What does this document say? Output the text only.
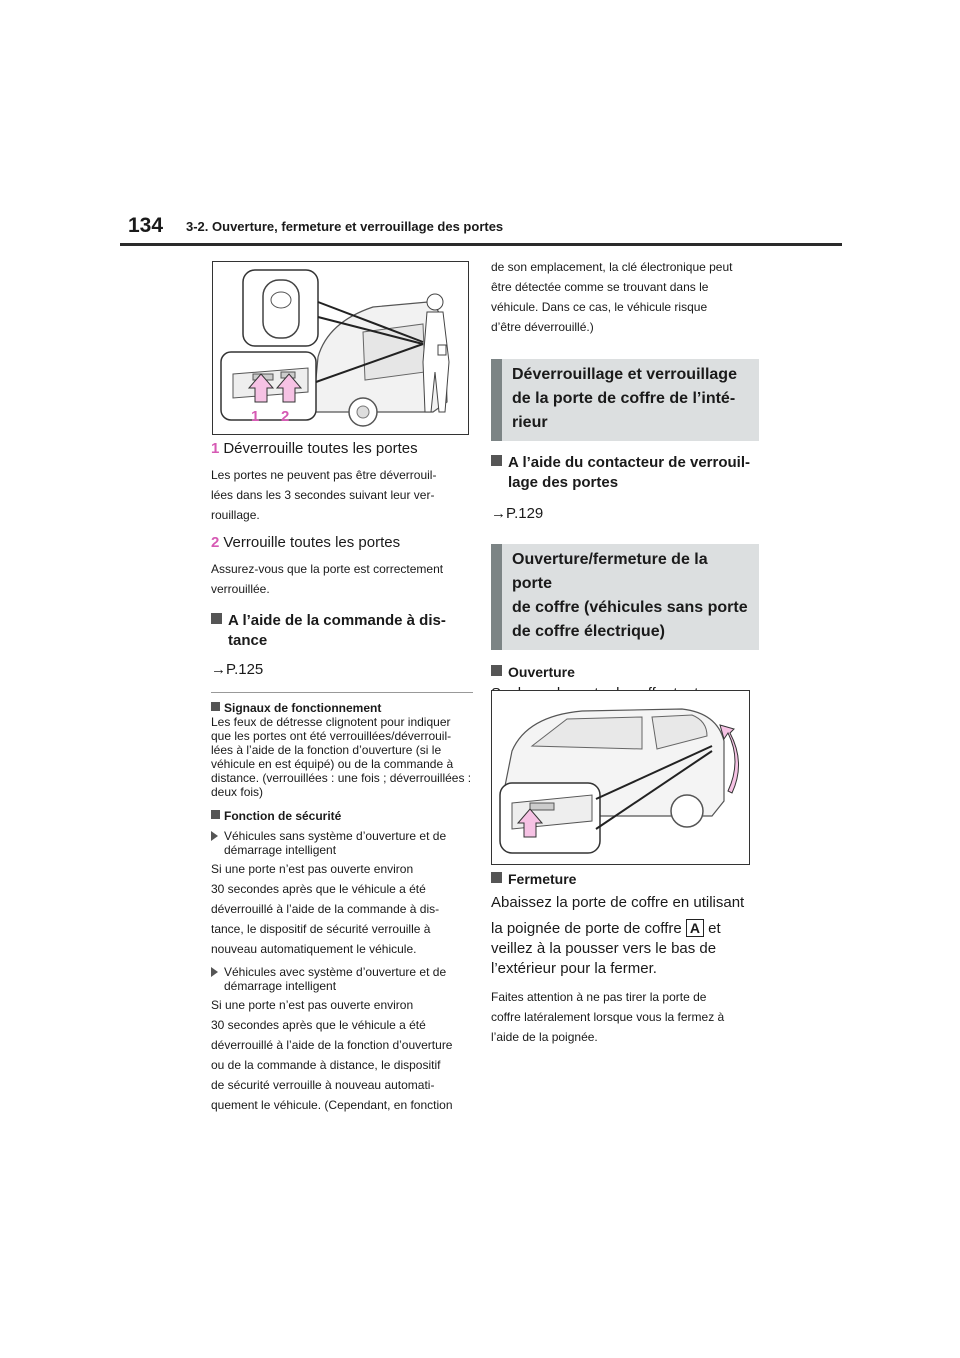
134 3-2. Ouverture, fermeture et verrouillage des portes
1 2

1 Déverrouille toutes les portes

Les portes ne peuvent pas être déverrouil-

lées dans les 3 secondes suivant leur ver-

rouillage.

2 Verrouille toutes les portes

Assurez-vous que la porte est correctement

verrouillée.

A l’aide de la commande à dis-

tance

→P.125

Signaux de fonctionnement

Les feux de détresse clignotent pour indiquer que les portes ont été verrouillées/déverrouil-lées à l’aide de la fonction d’ouverture (si le véhicule en est équipé) ou de la commande à distance. (verrouillées : une fois ; déverrouillées : deux fois)

Fonction de sécurité

Véhicules sans système d’ouverture et de démarrage intelligent

Si une porte n’est pas ouverte environ

30 secondes après que le véhicule a été

déverrouillé à l’aide de la commande à dis-

tance, le dispositif de sécurité verrouille à

nouveau automatiquement le véhicule.

Véhicules avec système d’ouverture et de démarrage intelligent

Si une porte n’est pas ouverte environ

30 secondes après que le véhicule a été

déverrouillé à l’aide de la fonction d’ouverture

ou de la commande à distance, le dispositif

de sécurité verrouille à nouveau automati-

quement le véhicule. (Cependant, en fonction

de son emplacement, la clé électronique peut

être détectée comme se trouvant dans le

véhicule. Dans ce cas, le véhicule risque

d’être déverrouillé.)

Déverrouillage et verrouillage
de la porte de coffre de l’inté-
rieur

A l’aide du contacteur de verrouil-

lage des portes

→P.129

Ouverture/fermeture de la porte
de coffre (véhicules sans porte
de coffre électrique)

Ouverture

Fermeture

Abaissez la porte de coffre en utilisant

la poignée de porte de coffre A et

veillez à la pousser vers le bas de

l’extérieur pour la fermer.

Faites attention à ne pas tirer la porte de

coffre latéralement lorsque vous la fermez à

l’aide de la poignée.
